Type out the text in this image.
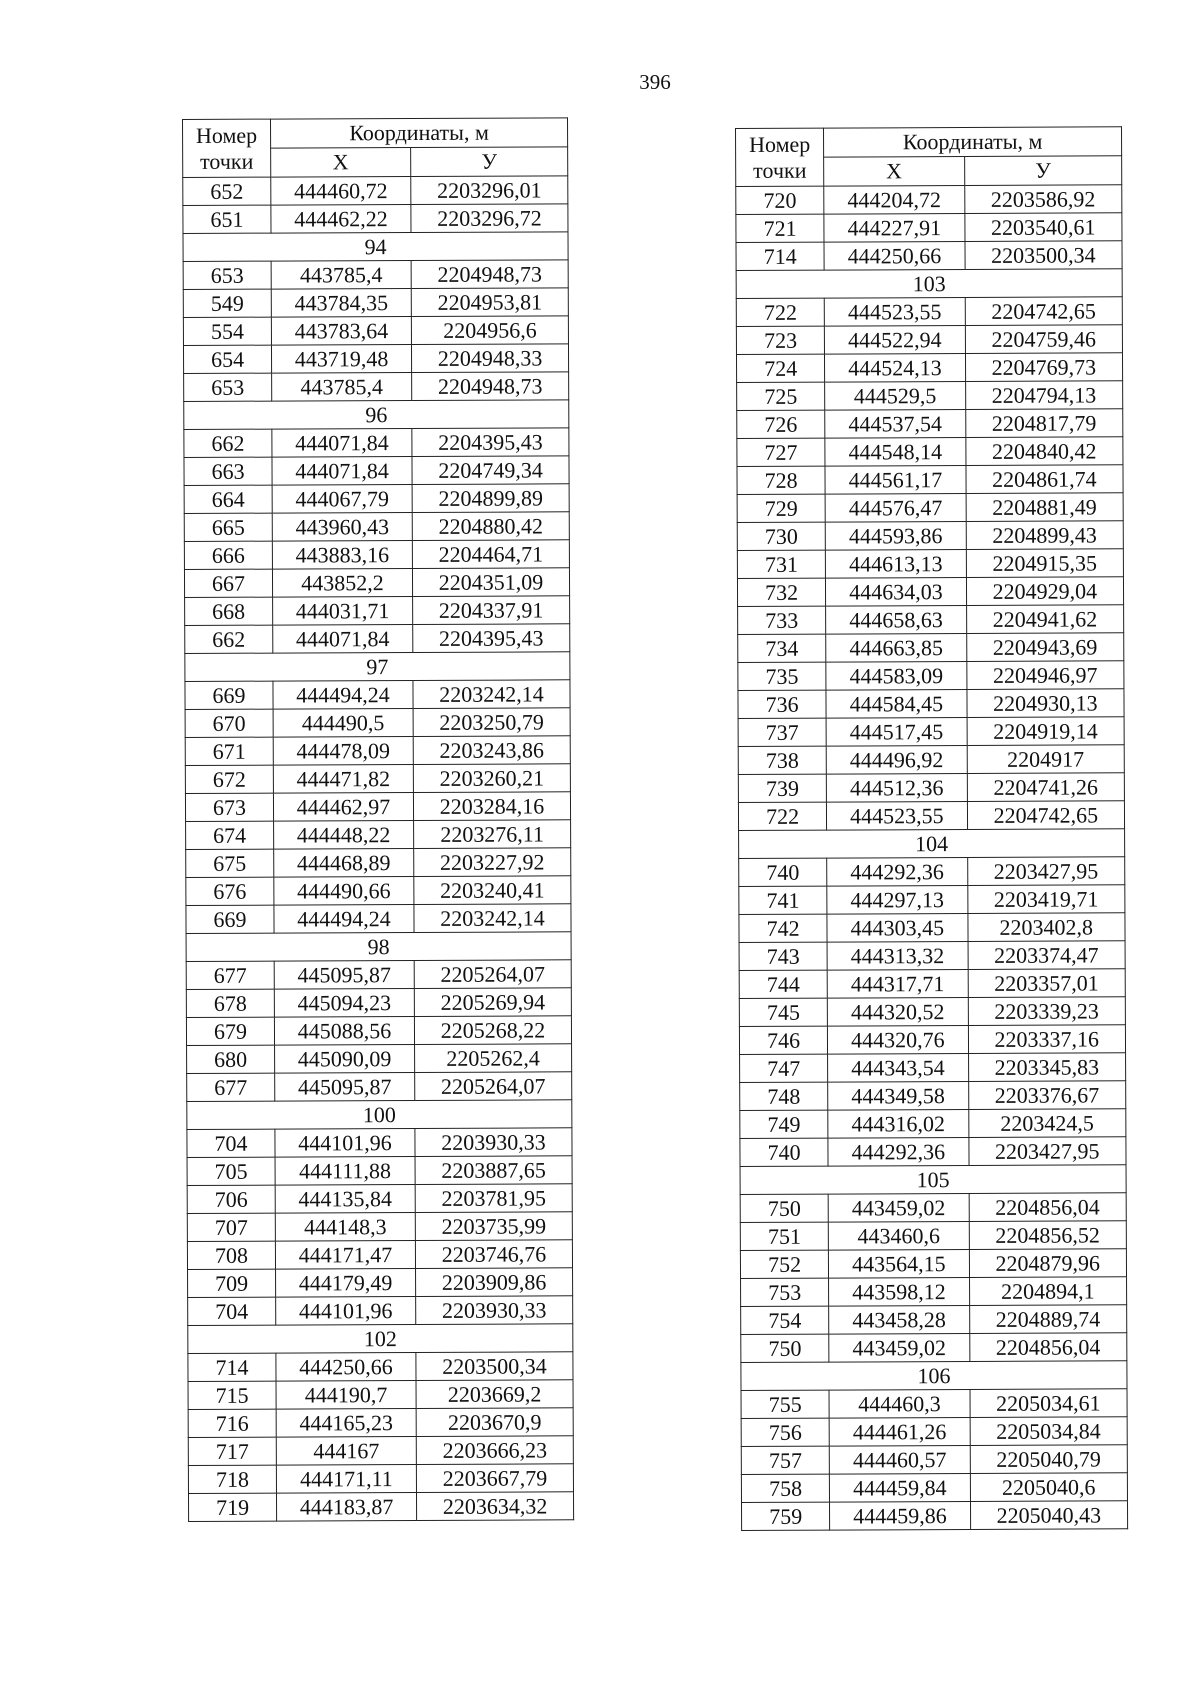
396
Номер
точки	Координаты, м	
	Х	У
652	444460,72	2203296,01
651	444462,22	2203296,72
94		
653	443785,4	2204948,73
549	443784,35	2204953,81
554	443783,64	2204956,6
654	443719,48	2204948,33
653	443785,4	2204948,73
96		
662	444071,84	2204395,43
663	444071,84	2204749,34
664	444067,79	2204899,89
665	443960,43	2204880,42
666	443883,16	2204464,71
667	443852,2	2204351,09
668	444031,71	2204337,91
662	444071,84	2204395,43
97		
669	444494,24	2203242,14
670	444490,5	2203250,79
671	444478,09	2203243,86
672	444471,82	2203260,21
673	444462,97	2203284,16
674	444448,22	2203276,11
675	444468,89	2203227,92
676	444490,66	2203240,41
669	444494,24	2203242,14
98		
677	445095,87	2205264,07
678	445094,23	2205269,94
679	445088,56	2205268,22
680	445090,09	2205262,4
677	445095,87	2205264,07
100		
704	444101,96	2203930,33
705	444111,88	2203887,65
706	444135,84	2203781,95
707	444148,3	2203735,99
708	444171,47	2203746,76
709	444179,49	2203909,86
704	444101,96	2203930,33
102		
714	444250,66	2203500,34
715	444190,7	2203669,2
716	444165,23	2203670,9
717	444167	2203666,23
718	444171,11	2203667,79
719	444183,87	2203634,32
Номер
точки	Координаты, м	
	Х	У
720	444204,72	2203586,92
721	444227,91	2203540,61
714	444250,66	2203500,34
103		
722	444523,55	2204742,65
723	444522,94	2204759,46
724	444524,13	2204769,73
725	444529,5	2204794,13
726	444537,54	2204817,79
727	444548,14	2204840,42
728	444561,17	2204861,74
729	444576,47	2204881,49
730	444593,86	2204899,43
731	444613,13	2204915,35
732	444634,03	2204929,04
733	444658,63	2204941,62
734	444663,85	2204943,69
735	444583,09	2204946,97
736	444584,45	2204930,13
737	444517,45	2204919,14
738	444496,92	2204917
739	444512,36	2204741,26
722	444523,55	2204742,65
104		
740	444292,36	2203427,95
741	444297,13	2203419,71
742	444303,45	2203402,8
743	444313,32	2203374,47
744	444317,71	2203357,01
745	444320,52	2203339,23
746	444320,76	2203337,16
747	444343,54	2203345,83
748	444349,58	2203376,67
749	444316,02	2203424,5
740	444292,36	2203427,95
105		
750	443459,02	2204856,04
751	443460,6	2204856,52
752	443564,15	2204879,96
753	443598,12	2204894,1
754	443458,28	2204889,74
750	443459,02	2204856,04
106		
755	444460,3	2205034,61
756	444461,26	2205034,84
757	444460,57	2205040,79
758	444459,84	2205040,6
759	444459,86	2205040,43
